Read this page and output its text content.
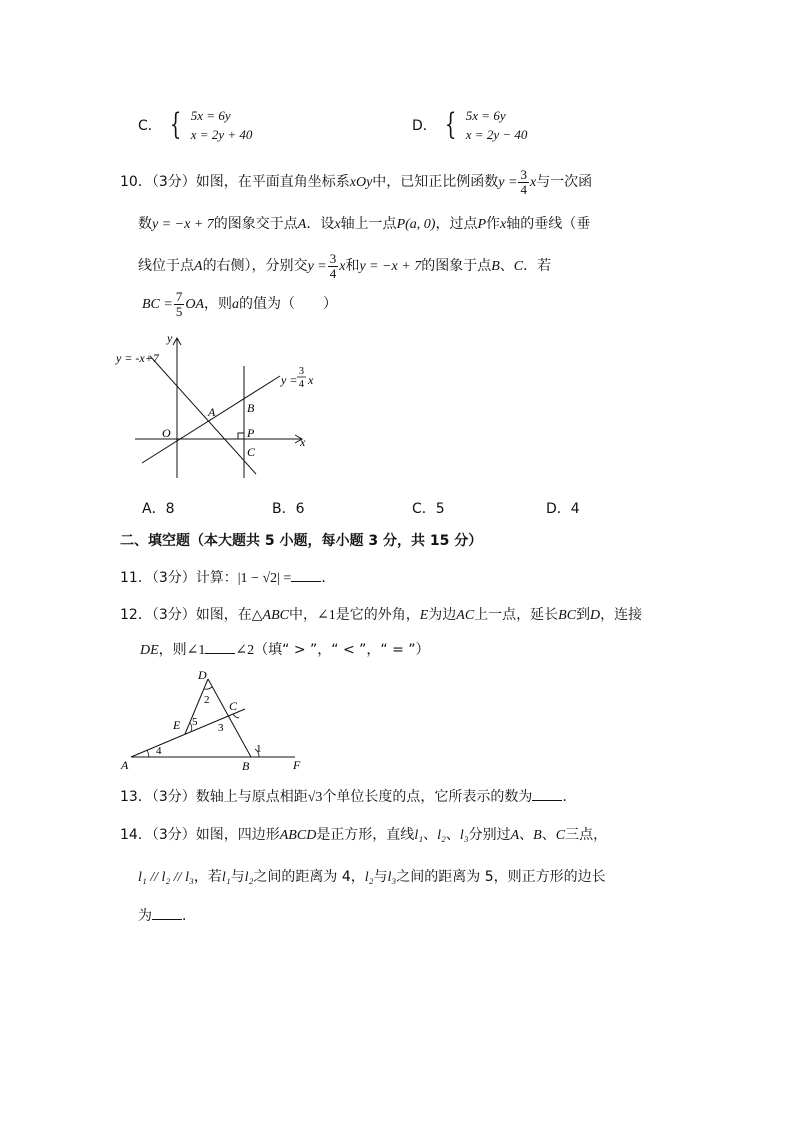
C． { 5x = 6y
x = 2y + 40
D． { 5x = 6y
x = 2y − 40
10．（3分）如图，在平面直角坐标系xOy中，已知正比例函数$y = \frac{3}{4}$ x与一次函
数y = −x + 7的图象交于点A．设x轴上一点P(a, 0)，过点P作x轴的垂线（垂
线位于点A的右侧），分别交$y = \frac{3}{4}$ x和y = −x + 7的图象于点B、C．若
BC = $\frac{7}{5}$ OA，则a的值为（　　）
y = -x+7
y =
3
4 x
x
y
O
A	B
P
C
A．8	B．6	C．5	D．4
二、填空题（本大题共 5 小题，每小题 3 分，共 15 分）
11．（3分）计算：|1 − √2| = ．
12．（3分）如图，在△ABC中，∠1是它的外角，E为边AC上一点，延长BC到D，连接
DE，则∠1 ∠2（填“ > ”，“ < ”，“ = ”）
D
C
E
A	B	F
1
2
3
4
5
13．（3分）数轴上与原点相距√3个单位长度的点，它所表示的数为 ．
14．（3分）如图，四边形ABCD是正方形，直线l₁、l₂、l₃分别过A、B、C三点，
l₁ // l₂ // l₃，若l₁与l₂之间的距离为 4，l₂与l₃之间的距离为 5，则正方形的边长
为 ．
